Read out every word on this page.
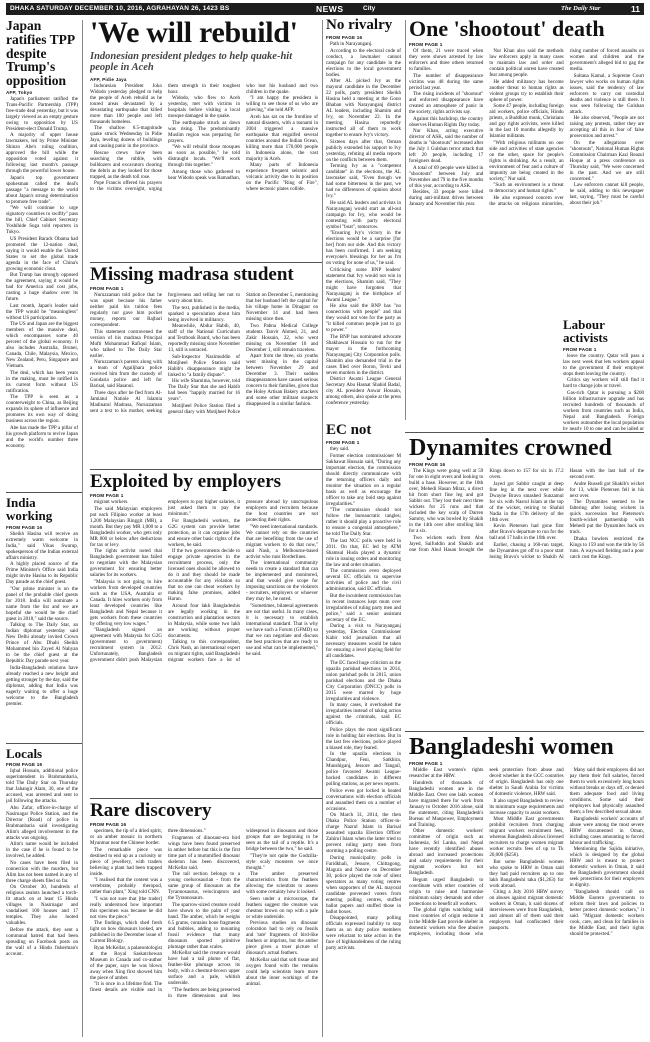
DHAKA SATURDAY DECEMBER 10, 2016, AGRAHAYAN 26, 1423 BS	NEWS	City	The Daily Star	11
Japan ratifies TPP despite Trump's opposition
AFP, Tokyo

Japan's parliament ratified the Trans-Pacific Partnership (TPP) free-trade deal yesterday, but it was largely viewed as an empty gesture owing to opposition by US President-elect Donald Trump.

A majority of upper house lawmakers, led by Prime Minister Shinzo Abe's ruling coalition, approved the bill while the opposition voted against it following last month's passage through the powerful lower house.

Japan's top government spokesman called the deal's passage "a message to the world about Japan's strong determination to promote free trade".

"We will continue to urge signatory countries to swiftly" pass the bill, Chief Cabinet Secretary Yoshihide Suga told reporters in Tokyo.

US President Barack Obama had promoted the 12-nation deal, saying it would enable the United States to set the global trade agenda in the face of China's growing economic clout.

But Trump has strongly opposed the agreement, saying it would be bad for America and cost jobs, casting a huge shadow over its future.

Last month, Japan's leader said the TPP would be "meaningless" without US participation.

The US and Japan are the biggest members of the massive deal, which encompasses some 40 percent of the global economy. It also includes Australia, Brunei, Canada, Chile, Malaysia, Mexico, New Zealand, Peru, Singapore and Vietnam.

The deal, which has been years in the making, must be ratified in its current form without US ratification.

The TPP is seen as a counterweight to China, as Beijing expands its sphere of influence and promotes its own way of doing business across the region.

Abe has made the TPP a pillar of his growth platform to revive Japan and the world's number three economy.

India working
FROM PAGE 16

Sheikh Hasina will receive an extremely warm welcome in India," said Vikas Swarup, spokesperson of the Indian external affairs ministry.

A highly placed source of the Prime Minister's Office said India might invite Hasina to its Republic Day parade as the chief guest.

"Our prime minister is on the panel of the probable chief guests for 2018. India will nominate a name from the list and we are hopeful she would be the chief guest in 2018," said the source.

Talking to The Daily Star, an Indian diplomat yesterday said New Delhi already invited Crown Prince of Abu Dhabi Sheikh Mohammed bin Zayed Al Nahyan to be the chief guest at the Republic Day parade next year.

India-Bangladesh relations have already reached a new height and getting stronger by the day, said the diplomat, adding that India was eagerly waiting to offer a huge welcome to the Bangladesh premier.

Locals
FROM PAGE 16

Iqbal Hossain, additional police superintendent in Brahmanbaria, told The Daily Star on Thursday that Jahangir Alam, 30, one of the accused, was arrested and sent to jail following the attacks.

Abu Zafar, officer-in-charge of Nasirnagar Police Station, and the Director (Road) of police in Brahmanbaria said investigating Alim's alleged involvement in the attacks was ongoing.

Alim's name would be included in the case if he is found to be involved, he added.

No cases have been filed in connection with the murders, but Alim has not been named in any of three charge sheets filed so far.

On October 30, hundreds of religious zealots launched a torch-lit attack on at least 15 Hindu villages in Nasirnagar and vandalised 100 houses and 17 temples. They also looted valuables.

Before the attack, they sent a communal hatred that had been spreading on Facebook posts on the wall of a Hindu fisherman's account.

'We will rebuild'
Indonesian president pledges to help quake-hit people in Aceh
AFP, Pidie Jaya

Indonesian President Joko Widodo yesterday pledged to help the people of Aceh rebuild as he toured areas devastated by a devastating earthquake that killed more than 100 people and left thousands homeless.

The shallow 6.5-magnitude quake struck Wednesday in Pidie Jaya, leveling dozens of buildings and causing panic in the province.

Rescue crews have been searching the rubble, with bulldozers and excavators clearing the debris as they looked for those trapped, as the death toll rose.

Pope Francis offered his prayers to the victims overnight, urging them strength in their toughest hour.

Widodo, who flew to Aceh yesterday, met with victims in hospitals before visiting a local mosque damaged in the quake.

The earthquake struck as dawn was rising. The predominantly Muslim region was preparing for prayers.

"We will rebuild those mosques as soon as possible," he told distraught locals. "We'll work through this together."

Among those who gathered to hear Widodo speak was Ramadhan, who lost his husband and two children in the quake.

"I am happy the president is willing to see those of us who are grieving," she told AFP.

Aceh has sat on the frontline of natural disasters, with a tsunami in 2004 triggered a massive earthquake that engulfed several countries around the Indian Ocean, killing more than 170,000 people in Indonesia alone, the vast majority in Aceh.

Many parts of Indonesia experience frequent seismic and volcanic activity due to its position on the Pacific "Ring of Fire", where tectonic plates collide.

Missing madrasa student
FROM PAGE 1

Nuruzzaman told police that he was upset because his father neither paid his tuition fees regularly nor gave him pocket money, reports our Rajbari correspondent.

This statement contravened the version of his madrasa Principal Mufti Mohammad Rafiqul Islam, who talked to The Daily Star earlier.

Nuruzzaman's parents along with a team of Agailjhara police received him from the custody of Gondaria police and left for Barisal, said Hasanul.

Three days after he fled from Al-Jamiatul Natiole Al Islamia Madinatul Madrasa, Nuruzzaman sent a text to his mother, seeking forgiveness and telling her not to worry about him.

The text, published in the media, sparked a speculation about him being involved in militancy.

Meanwhile, Abdur Habib, 40, staff of the National Curriculum and Textbook Board, who has been reportedly missing since November 13, still is untraced.

Sub-Inspector Nazimuddin of Motijheel Police Station said Habib's disappearance might be linked to "a family dispute".

His wife Shamima, however, told The Daily Star that she and Habib had been "happily married for 16 years".

Motijheel Police Station filed a general diary with Motijheel Police Station on December 5, mentioning that her husband left the capital for his village home in Dinajpur on November 14 and had been missing since then.

Two Pabna Medical College students Tanvir Ahmed, 21, and Zakir Hossain, 22, who went missing on November 10 and December 1, still remain traceless.

Apart from the three, six youths went missing in the capital between November 29 and December 3. Their sudden disappearances have caused serious concern to their families, given that the Holey Artisan Bakery attackers and some other militant suspects disappeared in a similar fashion.

Exploited by employers
FROM PAGE 1

migrant workers.

The said Malaysian employers put each Filipino worker at least 1,200 Malaysian Ringgit (MR), a month. But they pay MR 1,000 to a Bangladeshi worker, who gets only MR 800 or below after deductions for tax or levy.

The rights activist noted that Bangladesh government has failed to negotiate with the Malaysian government for ensuring better salaries for its workers.

"Malaysia is not going to hire workers from developed countries such as the USA, Australia or Canada. It hires workers only from least developed countries like Bangladesh and Nepal because it gets workers from these countries by offering very low wages."

"Bangladesh signed an agreement with Malaysia for G2G (government to government) recruitment system in 2012. Unfortunately, Bangladesh government didn't push Malaysian employers to pay higher salaries, it just asked them to pay the minimum."

For Bangladeshi workers, the G2G system can provide better protection, as it can organise jobs and ensure other basic rights of the workers, he said.

If the two governments decide to engage private agencies in the recruitment process, only the licensed ones should be allowed to do it and they should be made accountable for any violation so that no one can cheat workers by making false promises, added Harun.

Around four lakh Bangladeshis are legally working in the construction and plantation sectors in Malaysia, while some two lakh are working without proper documents.

Talking to this correspondent, Chris Nash, an international expert on migrant rights, said Bangladeshi migrant workers face a lot of pressure abroad by unscrupulous employers and recruiters because the host countries are not protecting their rights.

"We need international standards. We cannot rely on the countries that are benefiting from the use of migrant workers to do that now," said Nash, a Melbourne-based activist who runs Borderlines.

The international community needs to create a standard that can be implemented and monitored, and that would give scope for imposing sanctions on the violators - recruiters, employers or whoever they may be, he noted.

"Sometimes, bilateral agreements are not that useful. In many cases, it is necessary to establish international standard. That is why we have such a Forum (GFMD) so that we can negotiate and discuss the best practices that are ready to use and what can be implemented," he said.

Rare discovery
FROM PAGE 16

specimen, the tip of a dried spirit, or an amber mosaic in northern Myanmar near the Chinese border.

The remarkable piece was destined to end up as a curiosity or piece of jewellery, with traders believing a plant had been trapped inside.

"I realised that the content was a vertebrate, probably theropod, rather than plant," Xing told CNN.

"I was not sure that [the trader] really understood how important this specimen was because he did not view the piece."

The findings, which shed fresh light on how dinosaurs looked, are published in the December issue of Current Biology.

Ryan McKellar, a palaeontologist at the Royal Saskatchewan Museum in Canada and co-author of the paper, says he was blown away when Xing first showed him the piece of amber.

"It is once in a lifetime find. The finest details are visible and in three dimensions."

Fragments of dinosaur-era bird wings have been found preserved in amber before but this is the first time part of a mummified dinosaur skeleton has been discovered, McKellar said.

The tail section belongs to a young coelurosaurian - from the same group of dinosaurs as the Tyrannosaurus, velociraptors and the Tyrannosaurs.

The sparrow-sized creature could have shown to the palm of your hand. The amber, which he weighs 6.5 grams, contains bone fragments and bubbles, adding to mounting fossil evidence that many dinosaurs sported primitive plumage rather than scales.

McKellar said the creature would have had a tail plume of flat, feather-like plumage across its body, with a chestnut-brown upper surface and a pale, whitish underside.

"The feathers are being preserved in three dimensions and less widespread in dinosaurs and those groups that are beginning to be seen as the tail of a reptile. It's a bridge between the two," he said.

"They're not quite the Godzilla-style scaly monsters we once thought."

The amber preserved characteristics from the feathers allowing the scientists to assess with some certainty how it looked.

Seen under a microscope, the feathers suggest the creature was chestnut brown on top with a pale or white underside.

Previous studies on dinosaur coloration had to rely on fossils and 'rare' fragments of bird-like feathers or imprints, but the amber piece gives a truer picture of dinosaur's actual feathers.

McKellar said that soft tissue and oxygen found with the remains could help scientists learn more about the inner workings of the animal.

No rivalry
FROM PAGE 16

Path in Narayanganj.

According to the electoral code of conduct, a lawmaker cannot campaign for any candidate in the elections to the local government bodies.

After AL picked Ivy as the mayoral candidate in the December 22 polls, party president Sheikh Hasina held a meeting at the Gono Bhaban with Narayanganj district AL leaders, including Shamim and Ivy, on November 22. In the meeting, Hasina reportedly instructed all of them to work together to ensure Ivy's victory.

Sixteen days after that, Osman publicly extended his support to Ivy yesterday, refuting all media reports on the conflicts between them.

Terming Ivy as a "competent candidate" in the elections, the AL lawmaker said, "Even though we had some bitterness in the past, we had no differences of opinion about Ivy."

He said AL leaders and activists in Narayanganj would start an all-out campaign for Ivy, who would be contesting with party electoral symbol "boat", tomorrow.

"Ensuring Ivy's victory in the elections would be a surprise [for her] from our side. And this victory has been confirmed. I am seeking everyone's blessings for her as I'm on voting for none of us," he said.

Criticising some BNP leaders' statement that Ivy would not win in the elections, Shamim said, "They might have forgotten that Narayanganj is the birthplace of Awami League."

He also said the BNP has "no connections with people" and that they would not vote for the party as "it killed common people just to go to power."

The BNP has nominated advocate Shakhawat Hossain to run for the mayor in the forthcoming Narayanganj City Corporation polls. Shamim also demanded trial in the cases filed over Boron, Tevki and seven murders in the district.

District Awami League General Secretary Abu Hasnat Shahid Badal, city AL president Anwar Hossain, among others, also spoke at the press conference yesterday.

EC not
FROM PAGE 1

they said.

Former election commissioner M Sakhawat Hussain said, "During any important election, the commission should directly communicate with the returning officers daily and monitor the situation on a regular basis as well as encourage the officer to take any bold step against irregularities."

"The commission should not follow the bureaucratic tangles; rather it should play a proactive role to ensure a congenial atmosphere," he told The Daily Star.

The last NCC polls were held in 2011. On that, EC led by ATM Shamsul Huda played a dynamic role in issuing orders and monitoring the law and order situation.

The commission even deployed several EC officials to supervise activities of police and the civil administration, said EC officials.

But the incumbent commission has in recent instances kept mum over irregularities of ruling party men and police," said a senior assistant secretary of the EC.

During a visit to Narayanganj yesterday, Election Commissioner Kabir told journalists that all necessary measures would be taken for ensuring a level playing field for all candidates.

The EC faced huge criticism as the upazila parishad elections in 2014, union parishad polls in 2015, union parishad elections and the Dhaka City Corporation (DNCC) polls in 2015 were marred by huge irregularities and violence.

In many cases, it overlooked the irregularities instead of taking action against the criminals, said EC officials.

Police plays the most significant role in holding fair elections. But in the last few elections, police played a biased role, they feared.

In the upazila elections in Chandpur, Feni, Satkhira, Munshiganj, Jessore and Tangail, police favoured Awami League-backed candidates in different polling stations, as per news reports.

Police even got locked in heated conversations with election officials and assaulted them on a number of occasions.

On March 31, 2014, the then Dhaka Police Station officer-in-charge Nazrul Islam in Barisal assaulted upazila Election Officer Zahirul Islam when the latter tried to prevent ruling party men from storming a polling centre.

During municipality polls in Faridkhali, Jessore, Chittagong, Magura and Natore on December 30, police played the role of silent spectators as many voting centres when supporters of the AL mayoral candidate prevented voters from entering polling centres, stuffed ballot papers and stuffed those in ballot boxes.

Disappointed, many polling officials expressed inability to stop them as on duty police members were reluctant to take action in the face of highhandedness of the ruling party activists.

One 'shootout' death
FROM PAGE 1

Of them, 21 were traced when they were shown arrested by law enforcers and three others returned to families.

The number of disappearance victims was 48 during the same period last year.

The rising incidents of "shootout" and enforced disappearance have created an atmosphere of panic in the society, rights activists say.

Against this backdrop, the country observes Human Rights Day today.

Nur Khan, acting executive director of ASK, said the number of deaths in "shootouts" increased after the July 1 Gulshan terror attack that left 20 people, including 17 foreigners dead.

A total of 69 people were killed in "shootouts" between July and November and 79 in the five months of this year, according to ASK.

Besides, 33 people were killed during anti-militant drives between January and November this year.

Nur Khan also said the methods law enforcers apply in many cases to maintain law and order and contain political unrest have created fear among people.

He added militancy has become another threat to human rights as violent groups try to establish their sphere of power.

Some 47 people, including foreign aid workers, police officials, Hindu priests, a Buddhist monk, Christians and gay rights activists, were killed in the last 10 months allegedly by Islamist militants.

"With religious militants on one side and activities of state agencies on the other, space for people's rights is shrinking. As a result, an environment of fear and a culture of impunity are being created in the society," Nur said.

"Such an environment is a threat to democracy and human rights."

He also expressed concern over the attacks on religious minorities, rising number of forced assaults on women and children and the government's alleged bid to gag the media.

Sultana Kamal, a Supreme Court lawyer who works on human rights issues, said the tendency of law enforcers to carry out custodial deaths and violence is still there. It was seen following the Gulshan attack.

He also observed, "People are not raising any protests, rather they are accepting all this in fear of false prosecution and arrest."

On the allegations over "shootouts", National Human Rights Commission Chairman Kazi Reazul Hoque at a press conference on Thursday said, "We were concerned in the past. And we are still concerned."

Law enforcers cannot kill people, he said, adding to this newspaper last, saying, "They must be careful about their job."

Labour activists
FROM PAGE 1

leave the country. Qatar will pass a law next week that lets workers appeal to the government if their employer stops them leaving the country.

Critics say workers will still find it hard to change jobs or travel.

Gas-rich Qatar is pursuing a $200 billion infrastructure upgrade and has recruited hundreds of thousands of workers from countries such as India, Nepal and Bangladesh. Foreign workers outnumber the local population by nearly 10 to one and can be jailed or

Dynamites crowned
FROM PAGE 16

The Kings were going well at 59 for one in eight overs and looking to build a base. However, at the 10th over, Mehedi Hasan Miraz, a direct hit from short fine leg and got Sabbir out. They lost their next three wickets for 25 runs and that included the key scalp of Darren Sammy, who was bowled by Shakib in the 14th over after strolling him for a six.

Two wickets each from Abu Jayed, Saifuddin and Shakib and one from Abul Hasan brought the Kings down to 157 for six in 17.2 overs.

Jayed got Sabbir caught at deep fine leg in the next over while Dwayne Bravo smashed Sunzamul for six with Nasrul Islam at the top of the wicket, retiring to Shahid Nadia in the 17th delivery of the 18th over.

Kevin Pietersen had gone first after Bravo's departure to run for the ball and 17 balls in the 18th over.

Earlier, chasing a 160-run target, the Dynamites got off to a poor start losing Bravo's wicket to Shakib Al Hasan with the last ball of the second over.

Andre Russell got Shakib's wicket for 13, while Pietersen fell in his next over.

The Dynamites seemed to be faltering after losing wickets in quick succession but Pietersen's fourth-wicket partnership with Mehedi put the Dynamites back on track.

Dhaka bowlers restricted the Kings to 159 and won the title by 56 runs. A wayward fielding and a poor catch cost the Kings.

Bangladeshi women
FROM PAGE 1

Middle East women's rights researcher at the HRW.

Hundreds of thousands of Bangladeshi women are in the Middle East. Over one lakh women have migrated there for work from January to October 2016 alone, said the statement, citing Bangladesh's Bureau of Manpower, Employment and Training.

Other domestic workers' committee of origin such as Indonesia, Sri Lanka, and Nepal have recently identified abuses abroad and increased protections and salary requirements for their migrant workers but not Bangladesh.

Begum urged Bangladesh to coordinate with other countries of origin to raise and harmonise minimum salary demands and other protections to benefit all workers.

The global rights watchdog said most countries of origin endorse it in the Middle East provide shelter in domestic workers who flee abusive employers, including those who seek protection from abuse and deceit whether in the GCC countries of origin. Bangladesh has only one shelter in Saudi Arabia for victims of domestic violence, HRW said.

It also urged Bangladesh to review its minimum wage requirements and increase capacity to assist workers.

Most Middle East governments prohibit recruiters from charging migrant workers recruitment fees, whereas Bangladesh allows licensed recruiters to charge women migrant worker recruits fees of up to Tk 20,000 ($256).

But some Bangladeshi women who spoke to HRW in Oman said they had paid recruiters up to one lakh Bangladeshi taka ($1,263) for work abroad.

Citing a July 2016 HRW survey on abuses against migrant domestic workers in Oman, it said dozens of interviewees were from Bangladesh, and almost all of them said their employers had confiscated their passports.

Many said their employers did not pay them their full salaries, forced them to work excessively long hours without breaks or days off, or denied them adequate food and living conditions. Some said their employers had physically assaulted them; a few described sexual abuse.

Bangladeshi workers' accounts of abuse were among the most severe HRW documented in Oman, including cases amounting to forced labour and trafficking.

Mentioning the Sajida initiative, which is designed by the global HRW and is meant to protect domestic workers in Oman, it said the Bangladesh government should seek protections for their employers in dignity.

"Bangladesh should call on Middle Eastern governments to reform their laws and policies to better protect domestic workers," it said. "Migrant domestic workers cook, care, and clean for families in the Middle East, and their rights should be protected."
